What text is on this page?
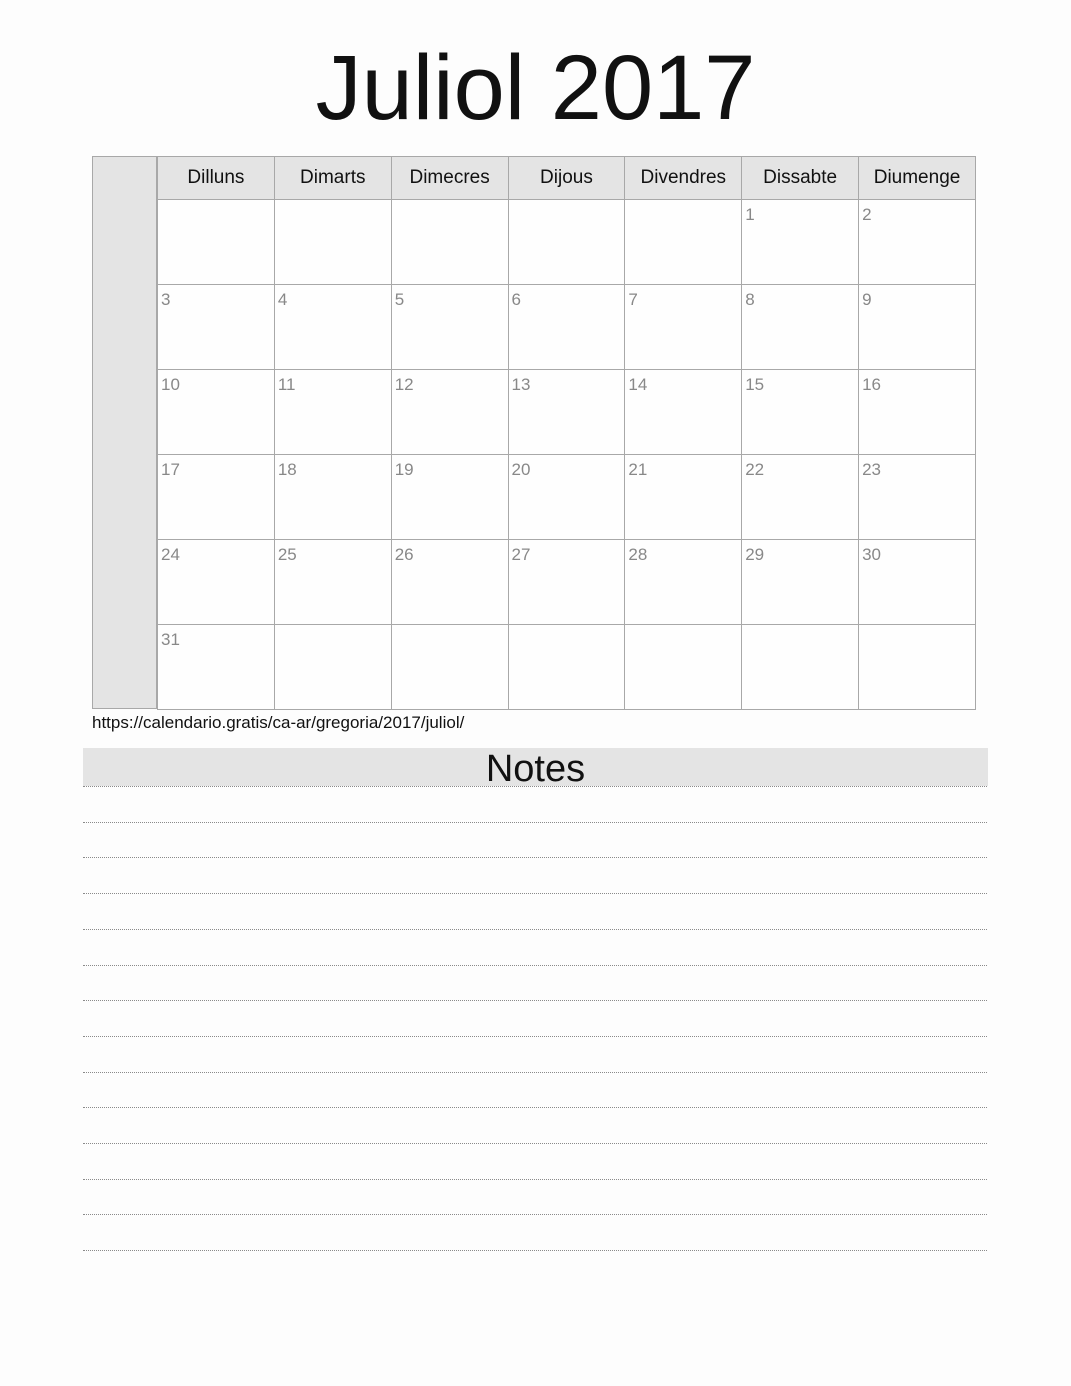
Juliol 2017
Dilluns	Dimarts	Dimecres	Dijous	Divendres	Dissabte	Diumenge

					1	2

3	4	5	6	7	8	9

10	11	12	13	14	15	16

17	18	19	20	21	22	23

24	25	26	27	28	29	30

31						

https://calendario.gratis/ca-ar/gregoria/2017/juliol/
Notes
